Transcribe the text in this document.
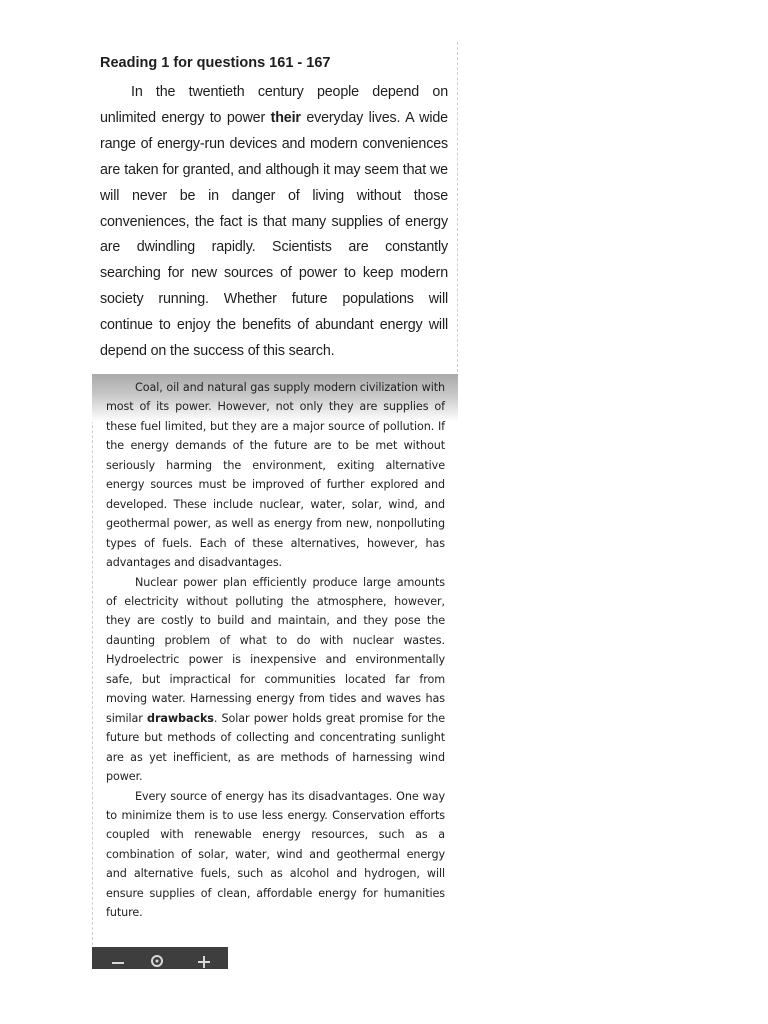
Reading 1 for questions 161 - 167

In the twentieth century people depend on unlimited energy to power their everyday lives. A wide range of energy-run devices and modern conveniences are taken for granted, and although it may seem that we will never be in danger of living without those conveniences, the fact is that many supplies of energy are dwindling rapidly. Scientists are constantly searching for new sources of power to keep modern society running. Whether future populations will continue to enjoy the benefits of abundant energy will depend on the success of this search.

Coal, oil and natural gas supply modern civilization with most of its power. However, not only they are supplies of these fuel limited, but they are a major source of pollution. If the energy demands of the future are to be met without seriously harming the environment, exiting alternative energy sources must be improved of further explored and developed. These include nuclear, water, solar, wind, and geothermal power, as well as energy from new, nonpolluting types of fuels. Each of these alternatives, however, has advantages and disadvantages.

Nuclear power plan efficiently produce large amounts of electricity without polluting the atmosphere, however, they are costly to build and maintain, and they pose the daunting problem of what to do with nuclear wastes. Hydroelectric power is inexpensive and environmentally safe, but impractical for communities located far from moving water. Harnessing energy from tides and waves has similar drawbacks. Solar power holds great promise for the future but methods of collecting and concentrating sunlight are as yet inefficient, as are methods of harnessing wind power.

Every source of energy has its disadvantages. One way to minimize them is to use less energy. Conservation efforts coupled with renewable energy resources, such as a combination of solar, water, wind and geothermal energy and alternative fuels, such as alcohol and hydrogen, will ensure supplies of clean, affordable energy for humanities future.
